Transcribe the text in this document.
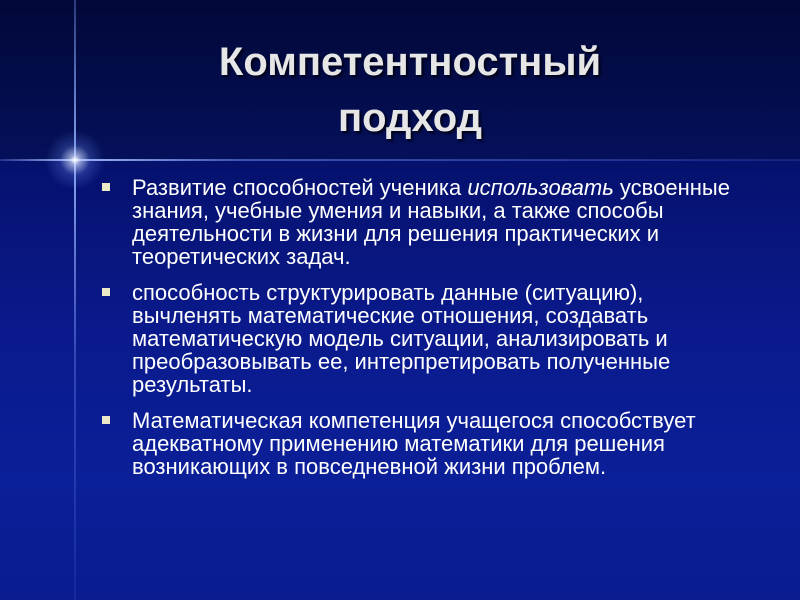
Компетентностный подход
Развитие способностей ученика использовать усвоенные знания, учебные умения и навыки, а также способы деятельности в жизни для решения практических и теоретических задач.
способность структурировать данные (ситуацию), вычленять математические отношения, создавать математическую модель ситуации, анализировать и преобразовывать ее, интерпретировать полученные результаты.
Математическая компетенция учащегося способствует адекватному применению математики для решения возникающих в повседневной жизни проблем.
